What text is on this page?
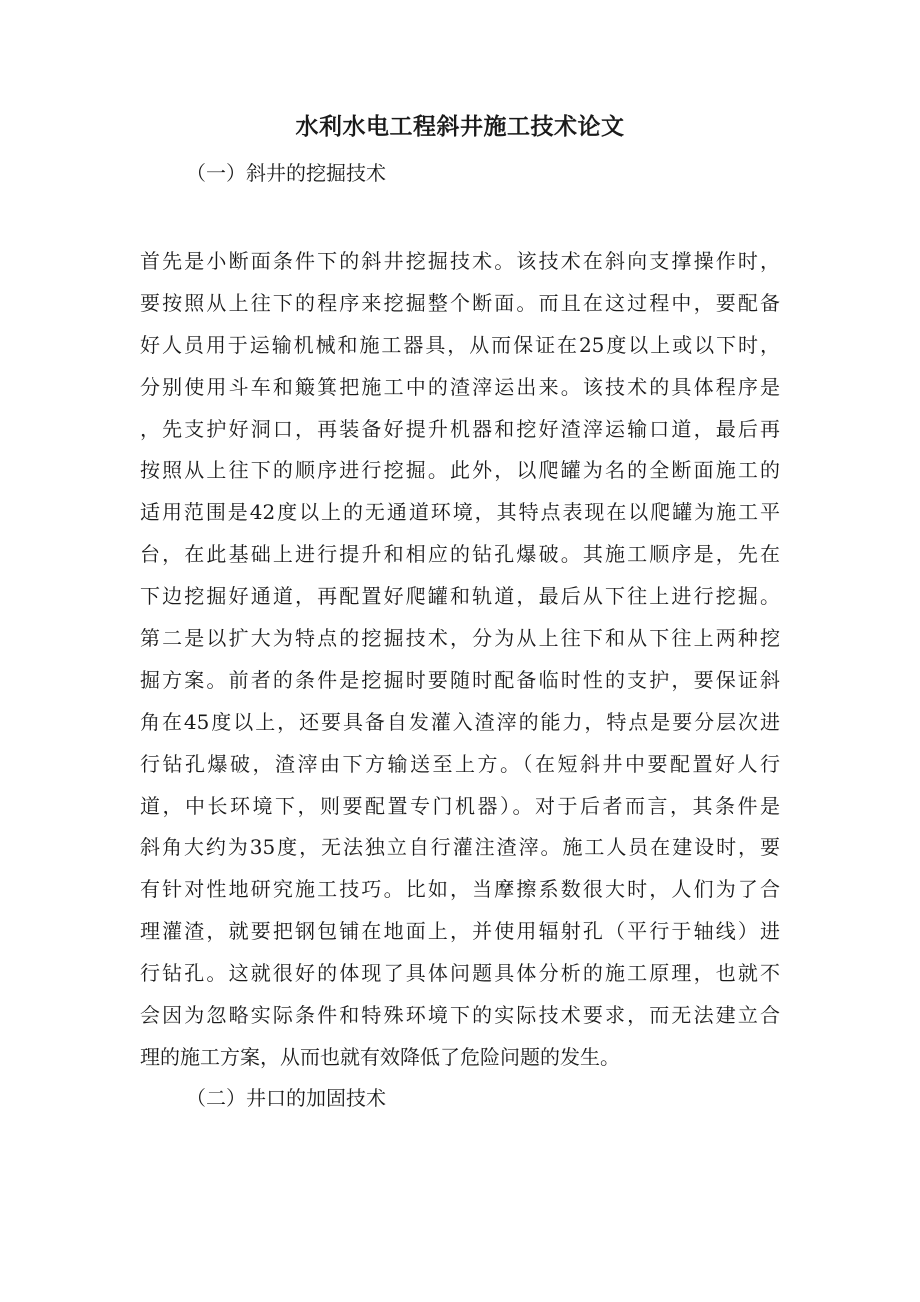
水利水电工程斜井施工技术论文
（一）斜井的挖掘技术
首先是小断面条件下的斜井挖掘技术。该技术在斜向支撑操作时，
要按照从上往下的程序来挖掘整个断面。而且在这过程中，要配备
好人员用于运输机械和施工器具，从而保证在25度以上或以下时，
分别使用斗车和簸箕把施工中的渣滓运出来。该技术的具体程序是
，先支护好洞口，再装备好提升机器和挖好渣滓运输口道，最后再
按照从上往下的顺序进行挖掘。此外，以爬罐为名的全断面施工的
适用范围是42度以上的无通道环境，其特点表现在以爬罐为施工平
台，在此基础上进行提升和相应的钻孔爆破。其施工顺序是，先在
下边挖掘好通道，再配置好爬罐和轨道，最后从下往上进行挖掘。
第二是以扩大为特点的挖掘技术，分为从上往下和从下往上两种挖
掘方案。前者的条件是挖掘时要随时配备临时性的支护，要保证斜
角在45度以上，还要具备自发灌入渣滓的能力，特点是要分层次进
行钻孔爆破，渣滓由下方输送至上方。（在短斜井中要配置好人行
道，中长环境下，则要配置专门机器）。对于后者而言，其条件是
斜角大约为35度，无法独立自行灌注渣滓。施工人员在建设时，要
有针对性地研究施工技巧。比如，当摩擦系数很大时，人们为了合
理灌渣，就要把钢包铺在地面上，并使用辐射孔（平行于轴线）进
行钻孔。这就很好的体现了具体问题具体分析的施工原理，也就不
会因为忽略实际条件和特殊环境下的实际技术要求，而无法建立合
理的施工方案，从而也就有效降低了危险问题的发生。
（二）井口的加固技术
